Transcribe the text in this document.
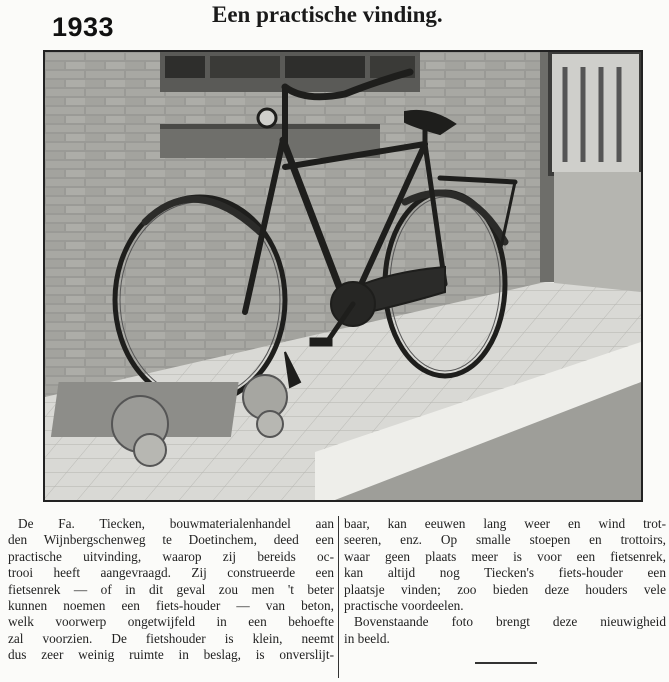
1933	Een practische vinding.
De Fa. Tiecken, bouwmaterialenhandel aan
den Wijnbergschenweg te Doetinchem, deed een
practische uitvinding, waarop zij bereids oc-
trooi heeft aangevraagd. Zij construeerde een
fietsenrek — of in dit geval zou men 't beter
kunnen noemen een fiets-houder — van beton,
welk voorwerp ongetwijfeld in een behoefte
zal voorzien. De fietshouder is klein, neemt
dus zeer weinig ruimte in beslag, is onverslijt-
baar, kan eeuwen lang weer en wind trot-
seeren, enz. Op smalle stoepen en trottoirs,
waar geen plaats meer is voor een fietsenrek,
kan altijd nog Tiecken's fiets-houder een
plaatsje vinden; zoo bieden deze houders vele
practische voordeelen.
Bovenstaande foto brengt deze nieuwigheid
in beeld.
